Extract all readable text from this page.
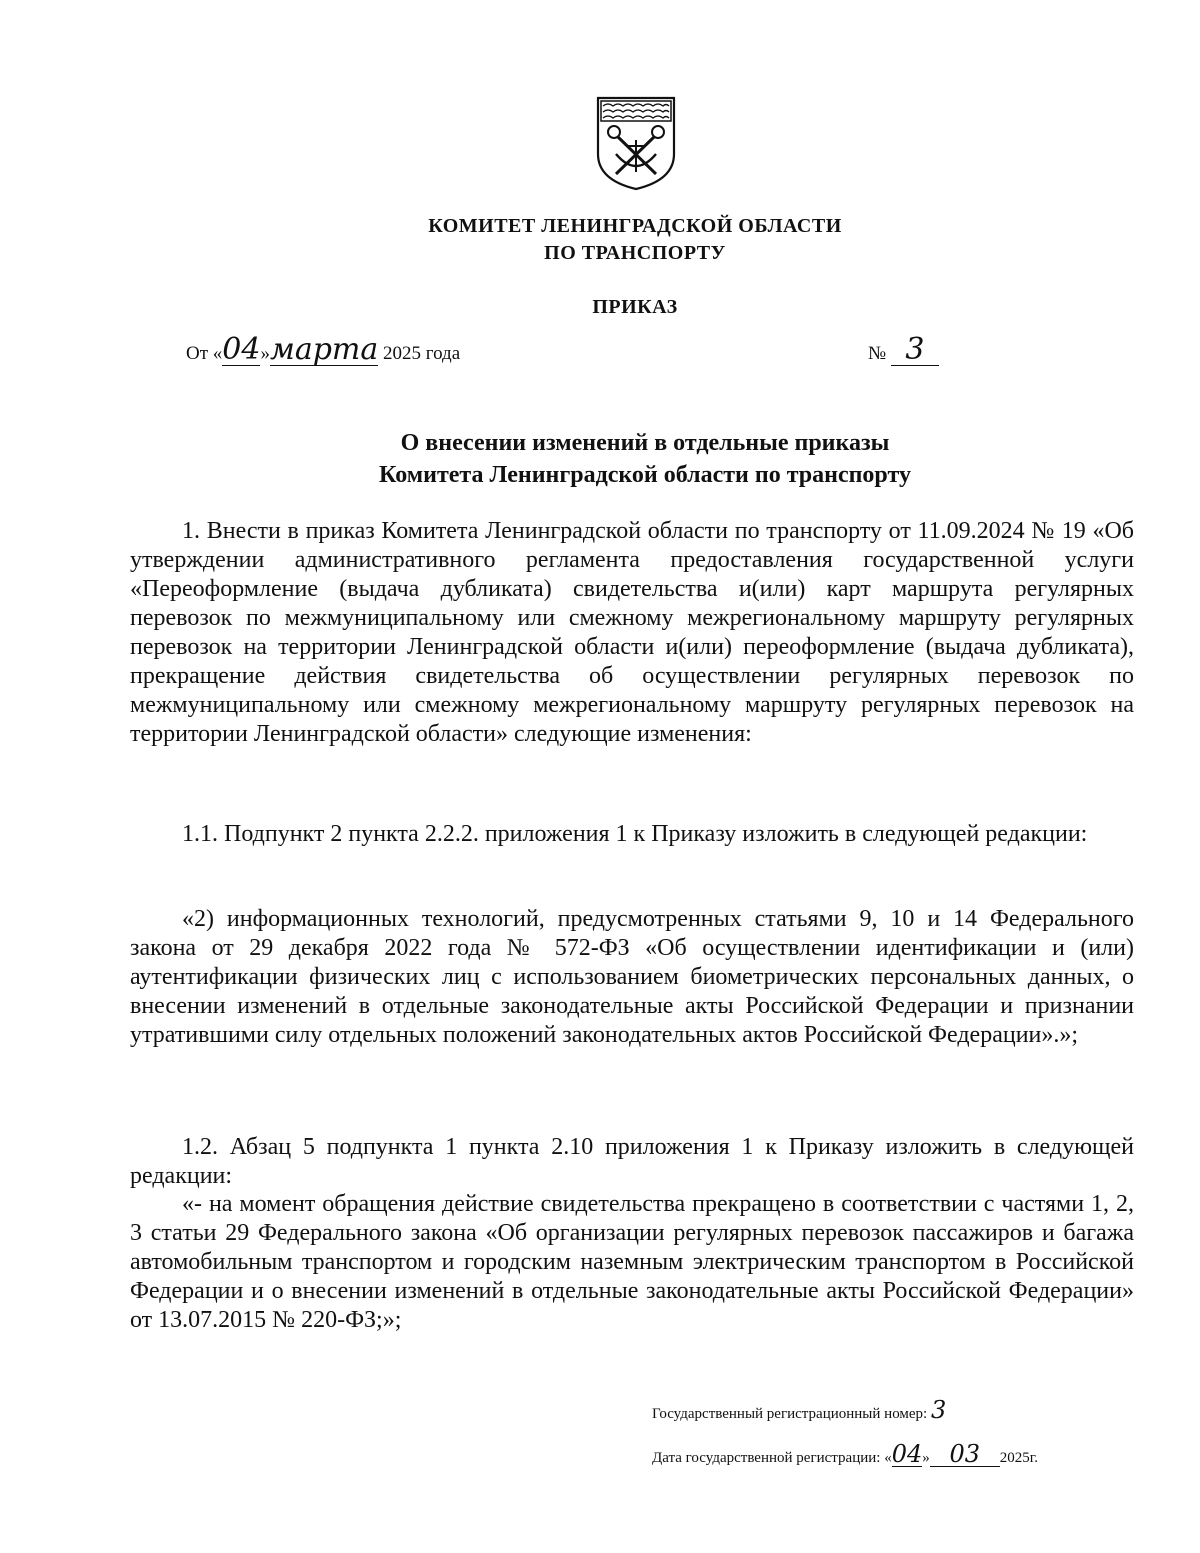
КОМИТЕТ ЛЕНИНГРАДСКОЙ ОБЛАСТИ
ПО ТРАНСПОРТУ
ПРИКАЗ
От «04»марта 2025 года	№ 3
О внесении изменений в отдельные приказы
Комитета Ленинградской области по транспорту

1. Внести в приказ Комитета Ленинградской области по транспорту от 11.09.2024 № 19 «Об утверждении административного регламента предоставления государственной услуги «Переоформление (выдача дубликата) свидетельства и(или) карт маршрута регулярных перевозок по межмуниципальному или смежному межрегиональному маршруту регулярных перевозок на территории Ленинградской области и(или) переоформление (выдача дубликата), прекращение действия свидетельства об осуществлении регулярных перевозок по межмуниципальному или смежному межрегиональному маршруту регулярных перевозок на территории Ленинградской области» следующие изменения:

1.1. Подпункт 2 пункта 2.2.2. приложения 1 к Приказу изложить в следующей редакции:

«2) информационных технологий, предусмотренных статьями 9, 10 и 14 Федерального закона от 29 декабря 2022 года № 572-ФЗ «Об осуществлении идентификации и (или) аутентификации физических лиц с использованием биометрических персональных данных, о внесении изменений в отдельные законодательные акты Российской Федерации и признании утратившими силу отдельных положений законодательных актов Российской Федерации».»;

1.2. Абзац 5 подпункта 1 пункта 2.10 приложения 1 к Приказу изложить в следующей редакции:

«- на момент обращения действие свидетельства прекращено в соответствии с частями 1, 2, 3 статьи 29 Федерального закона «Об организации регулярных перевозок пассажиров и багажа автомобильным транспортом и городским наземным электрическим транспортом в Российской Федерации и о внесении изменений в отдельные законодательные акты Российской Федерации» от 13.07.2015 № 220-ФЗ;»;

Государственный регистрационный номер: 3
Дата государственной регистрации: «04» 03 2025г.
